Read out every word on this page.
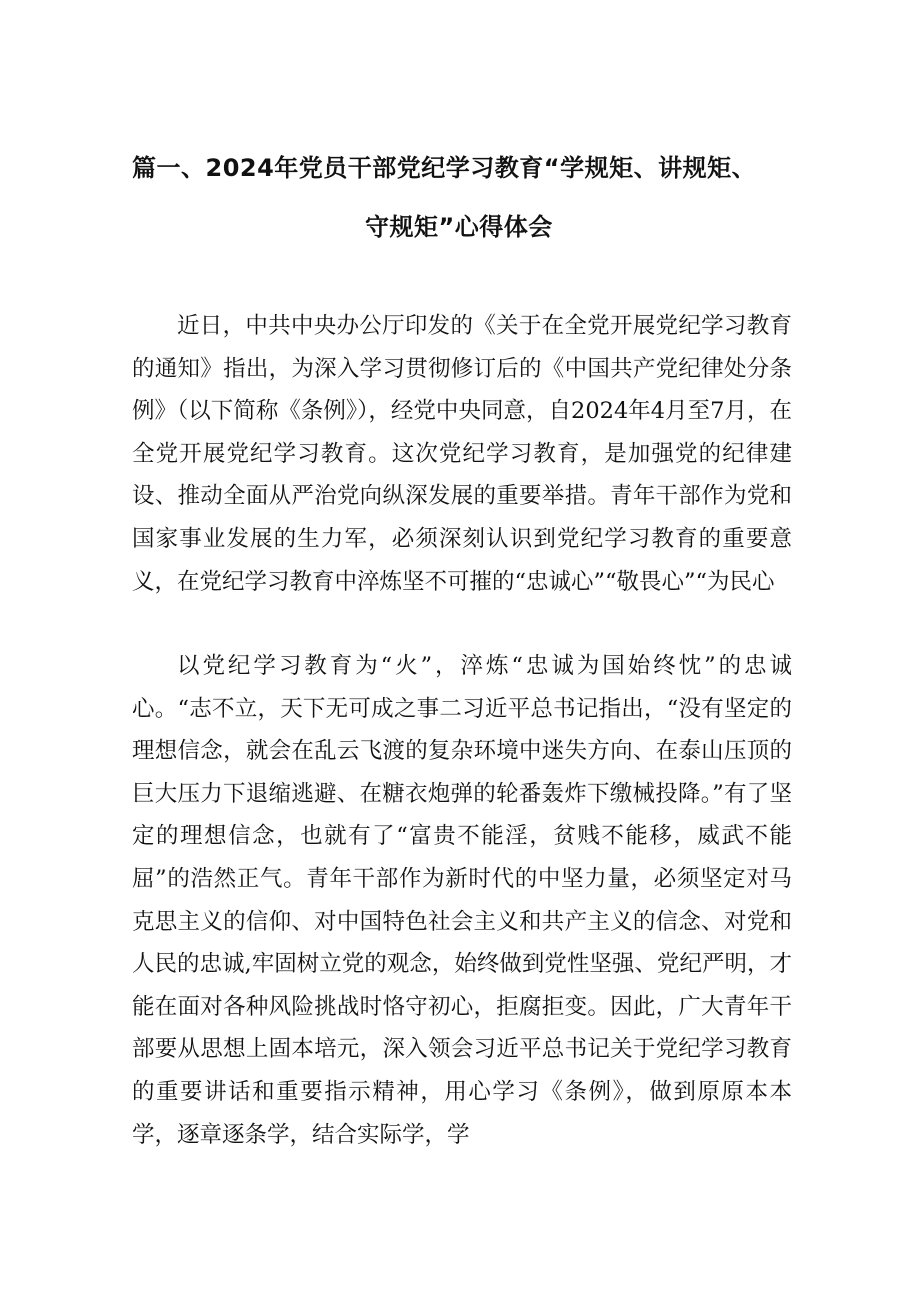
篇一、2024年党员干部党纪学习教育“学规矩、讲规矩、
守规矩”心得体会

近日，中共中央办公厅印发的《关于在全党开展党纪学习教育的通知》指出，为深入学习贯彻修订后的《中国共产党纪律处分条例》（以下简称《条例》），经党中央同意，自2024年4月至7月，在全党开展党纪学习教育。这次党纪学习教育，是加强党的纪律建设、推动全面从严治党向纵深发展的重要举措。青年干部作为党和国家事业发展的生力军，必须深刻认识到党纪学习教育的重要意义，在党纪学习教育中淬炼坚不可摧的“忠诚心”“敬畏心”“为民心

以党纪学习教育为“火”，淬炼“忠诚为国始终忱”的忠诚心。“志不立，天下无可成之事二习近平总书记指出，“没有坚定的理想信念，就会在乱云飞渡的复杂环境中迷失方向、在泰山压顶的巨大压力下退缩逃避、在糖衣炮弹的轮番轰炸下缴械投降。”有了坚定的理想信念，也就有了“富贵不能淫，贫贱不能移，威武不能屈”的浩然正气。青年干部作为新时代的中坚力量，必须坚定对马克思主义的信仰、对中国特色社会主义和共产主义的信念、对党和人民的忠诚,牢固树立党的观念，始终做到党性坚强、党纪严明，才能在面对各种风险挑战时恪守初心，拒腐拒变。因此，广大青年干部要从思想上固本培元，深入领会习近平总书记关于党纪学习教育的重要讲话和重要指示精神，用心学习《条例》，做到原原本本学，逐章逐条学，结合实际学，学
